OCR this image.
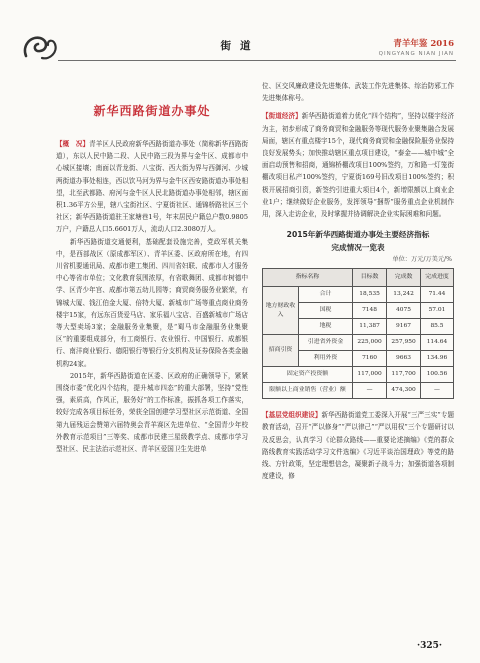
街道	青羊年鉴 2016
QINGYANG NIAN JIAN
新华西路街道办事处

【概　况】青羊区人民政府新华西路街道办事处（简称新华西路街道），东以人民中路二段、人民中路三段为界与金牛区、成都市中心城区接壤；南面以青龙街、八宝街、西大街为界与西御河、少城两街道办事处相连，西以饮马河为界与金牛区西安路街道办事处相望，北至武都路、府河与金牛区人民北路街道办事处相邻，辖区面积1.36平方公里，辖八宝街社区、宁夏街社区、通锦桥路社区三个社区；新华西路街道驻王家塘巷1号，年末居民户籍总户数0.9805万户，户籍总人口5.6601万人，流动人口2.3080万人。

新华西路街道交通便利，基础配套设施完善，党政军机关集中，是西部战区（原成都军区）、青羊区委、区政府所在地，有四川省机要通讯局、成都市建工集团、四川省妇联、成都市人才服务中心等省市单位；文化教育氛围浓厚，有省歌舞团、成都市树德中学、区青少年宫、成都市第五幼儿园等；商贸商务服务业繁荣，有锦城大厦、钱江伯金大厦、倍特大厦、新城市广场等重点商业商务楼宇15家，有远东百货爱马店、家乐福八宝店、百盛新城市广场店等大型卖场3家；金融服务业集聚，是“蜀马市金融服务业集聚区”的重要组成部分，有工商银行、农业银行、中国银行、成都银行、南洋商业银行、德阳银行等银行分支机构及证券保险各类金融机构24家。

2015年，新华西路街道在区委、区政府的正确领导下，紧紧围绕市委“优化四个结构，提升城市四态”的重大部署，坚持“党性强，素质高，作风正，服务好”的工作标准，振抓各项工作落实，较好完成各项目标任务，荣获全国创建学习型社区示范街道、全国第九届残运会赞第六届特奥会青羊赛区先进单位、“全国青少年校外教育示范项目”三等奖、成都市民建三星级教学点、成都市学习型社区、民主法治示范社区、青羊区爱国卫生先进单

位、区交风廉政建设先进集体、武装工作先进集体、综治防邪工作先进集体称号。

【街道经济】新华西路街道着力优化“四个结构”，坚持以楼宇经济为主，初步形成了商务商贸和金融服务等现代服务业聚集融合发展局面，辖区有重点楼宇15个，现代商务商贸和金融保险服务业保持良好发展势头；加快推动辖区重点项目建设，“泰金——城中城”全面启动预售和招商，通锦桥棚改项目100%签约，万和路一灯笼街棚改项目私产100%签约，宁夏街169号旧改项目100%签约；积极开展招商引资，新签约引进重大项目4个，新增限额以上商业企业1户；继续做好企业服务，发挥领导“捆帮”服务重点企业机制作用，深入走访企业，及时掌握并协调解决企业实际困难和问题。

2015年新华西路街道办事处主要经济指标
完成情况一览表
单位：万元/万美元/%
指标名称		目标数	完成数	完成进度
地方财政收入	合计	18,535	13,242	71.44
	国税	7148	4075	57.01
	地税	11,387	9167	85.5
招商引资	引进省外资金	225,000	257,950	114.64
	利用外资	7160	9663	134.96
固定资产投资额		117,000	117,700	100.56
限额以上商业销售（营业）额		—	474,300	—

【基层党组织建设】新华西路街道党工委深入开展“三严三实”专题教育活动，召开“严以修身”“严以律己”“严以用权”三个专题研讨以及反思会，认真学习《论群众路线——重要论述摘编》《党的群众路线教育实践活动学习文件选编》《习近平谈治国理政》等党的路线、方针政策，坚定理想信念，凝聚新子战斗力；加强街道各项制度建设，修

·325·
